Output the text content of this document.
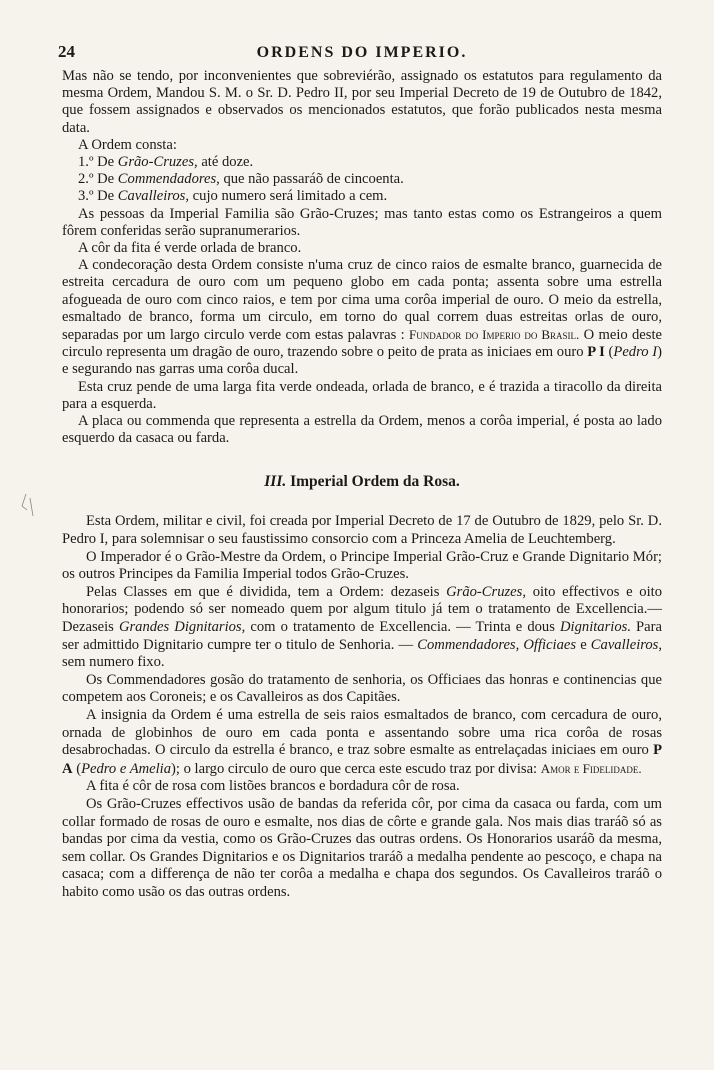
24	ORDENS DO IMPERIO.

Mas não se tendo, por inconvenientes que sobreviérão, assignado os estatutos para regulamento da mesma Ordem, Mandou S. M. o Sr. D. Pedro II, por seu Imperial Decreto de 19 de Outubro de 1842, que fossem assignados e observados os mencionados estatutos, que forão publicados nesta mesma data.

A Ordem consta:

1.º De Grão-Cruzes, até doze.

2.º De Commendadores, que não passaráõ de cincoenta.

3.º De Cavalleiros, cujo numero será limitado a cem.

As pessoas da Imperial Familia são Grão-Cruzes; mas tanto estas como os Estrangeiros a quem fôrem conferidas serão supranumerarios.

A côr da fita é verde orlada de branco.

A condecoração desta Ordem consiste n'uma cruz de cinco raios de esmalte branco, guarnecida de estreita cercadura de ouro com um pequeno globo em cada ponta; assenta sobre uma estrella afogueada de ouro com cinco raios, e tem por cima uma corôa imperial de ouro. O meio da estrella, esmaltado de branco, forma um circulo, em torno do qual correm duas estreitas orlas de ouro, separadas por um largo circulo verde com estas palavras : Fundador do Imperio do Brasil. O meio deste circulo representa um dragão de ouro, trazendo sobre o peito de prata as iniciaes em ouro P I (Pedro I) e segurando nas garras uma corôa ducal.

Esta cruz pende de uma larga fita verde ondeada, orlada de branco, e é trazida a tiracollo da direita para a esquerda.

A placa ou commenda que representa a estrella da Ordem, menos a corôa imperial, é posta ao lado esquerdo da casaca ou farda.

III. Imperial Ordem da Rosa.

Esta Ordem, militar e civil, foi creada por Imperial Decreto de 17 de Outubro de 1829, pelo Sr. D. Pedro I, para solemnisar o seu faustissimo consorcio com a Princeza Amelia de Leuchtemberg.

O Imperador é o Grão-Mestre da Ordem, o Principe Imperial Grão-Cruz e Grande Dignitario Mór; os outros Principes da Familia Imperial todos Grão-Cruzes.

Pelas Classes em que é dividida, tem a Ordem: dezaseis Grão-Cruzes, oito effectivos e oito honorarios; podendo só ser nomeado quem por algum titulo já tem o tratamento de Excellencia.— Dezaseis Grandes Dignitarios, com o tratamento de Excellencia. — Trinta e dous Dignitarios. Para ser admittido Dignitario cumpre ter o titulo de Senhoria. — Commendadores, Officiaes e Cavalleiros, sem numero fixo.

Os Commendadores gosão do tratamento de senhoria, os Officiaes das honras e continencias que competem aos Coroneis; e os Cavalleiros as dos Capitães.

A insignia da Ordem é uma estrella de seis raios esmaltados de branco, com cercadura de ouro, ornada de globinhos de ouro em cada ponta e assentando sobre uma rica corôa de rosas desabrochadas. O circulo da estrella é branco, e traz sobre esmalte as entrelaçadas iniciaes em ouro P A (Pedro e Amelia); o largo circulo de ouro que cerca este escudo traz por divisa: Amor e Fidelidade.

A fita é côr de rosa com listões brancos e bordadura côr de rosa.

Os Grão-Cruzes effectivos usão de bandas da referida côr, por cima da casaca ou farda, com um collar formado de rosas de ouro e esmalte, nos dias de côrte e grande gala. Nos mais dias traráõ só as bandas por cima da vestia, como os Grão-Cruzes das outras ordens. Os Honorarios usaráõ da mesma, sem collar. Os Grandes Dignitarios e os Dignitarios traráõ a medalha pendente ao pescoço, e chapa na casaca; com a differença de não ter corôa a medalha e chapa dos segundos. Os Cavalleiros traráõ o habito como usão os das outras ordens.
